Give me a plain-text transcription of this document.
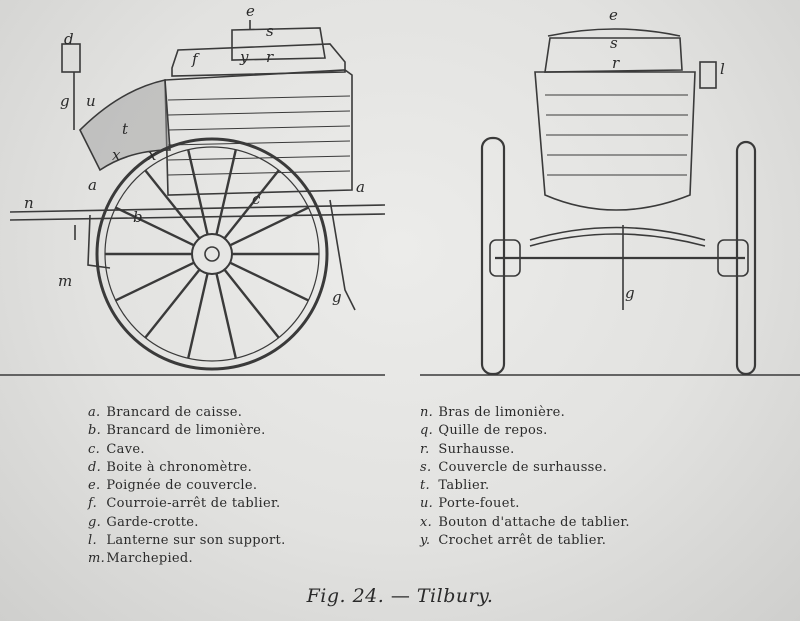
d
e
s
f	y r
g u
t
x x
a
c
a
n
b
m
g
e
s
r	l
g
a. Brancard de caisse.
b. Brancard de limonière.
c. Cave.
d. Boite à chronomètre.
e. Poignée de couvercle.
f. Courroie-arrêt de tablier.
g. Garde-crotte.
l. Lanterne sur son support.
m. Marchepied.
n. Bras de limonière.
q. Quille de repos.
r. Surhausse.
s. Couvercle de surhausse.
t. Tablier.
u. Porte-fouet.
x. Bouton d'attache de tablier.
y. Crochet arrêt de tablier.
Fig. 24. — Tilbury.
